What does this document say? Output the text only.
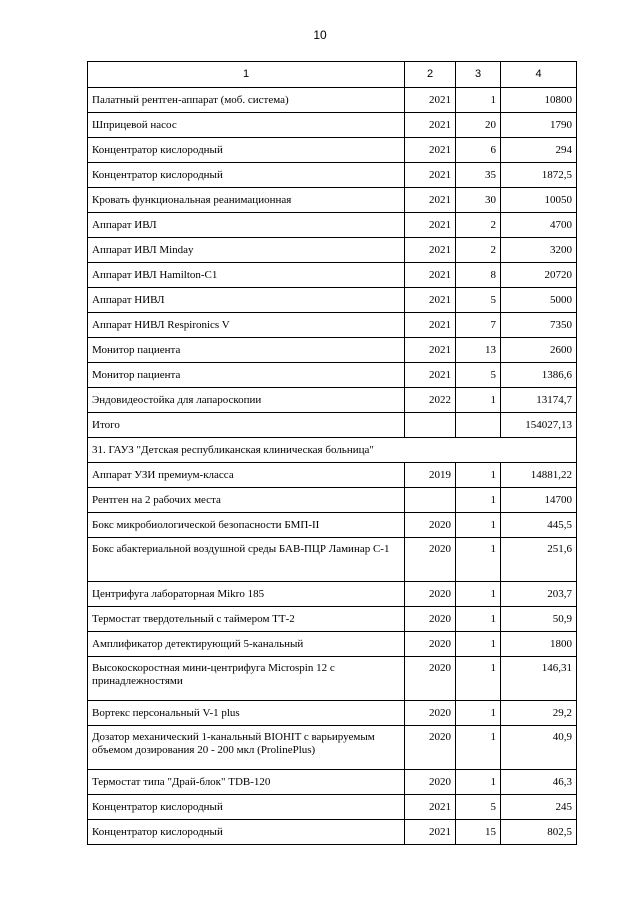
10
1	2	3	4
Палатный рентген-аппарат (моб. система)	2021	1	10800
Шприцевой насос	2021	20	1790
Концентратор кислородный	2021	6	294
Концентратор кислородный	2021	35	1872,5
Кровать функциональная реанимационная	2021	30	10050
Аппарат ИВЛ	2021	2	4700
Аппарат ИВЛ Minday	2021	2	3200
Аппарат ИВЛ Hamilton-C1	2021	8	20720
Аппарат НИВЛ	2021	5	5000
Аппарат НИВЛ Respironics V	2021	7	7350
Монитор пациента	2021	13	2600
Монитор пациента	2021	5	1386,6
Эндовидеостойка для лапароскопии	2022	1	13174,7
Итого			154027,13
31. ГАУЗ "Детская республиканская клиническая больница"			
Аппарат УЗИ премиум-класса	2019	1	14881,22
Рентген на 2 рабочих места		1	14700
Бокс микробиологической безопасности БМП-II	2020	1	445,5
Бокс абактериальной воздушной среды БАВ-ПЦР Ламинар С-1	2020	1	251,6
Центрифуга лабораторная Mikro 185	2020	1	203,7
Термостат твердотельный с таймером ТТ-2	2020	1	50,9
Амплификатор детектирующий 5-канальный	2020	1	1800
Высокоскоростная мини-центрифуга Microspin 12 с принадлежностями	2020	1	146,31
Вортекс персональный V-1 plus	2020	1	29,2
Дозатор механический 1-канальный BIOHIT с варьируемым объемом дозирования 20 - 200 мкл (ProlinePlus)	2020	1	40,9
Термостат типа "Драй-блок" TDB-120	2020	1	46,3
Концентратор кислородный	2021	5	245
Концентратор кислородный	2021	15	802,5
